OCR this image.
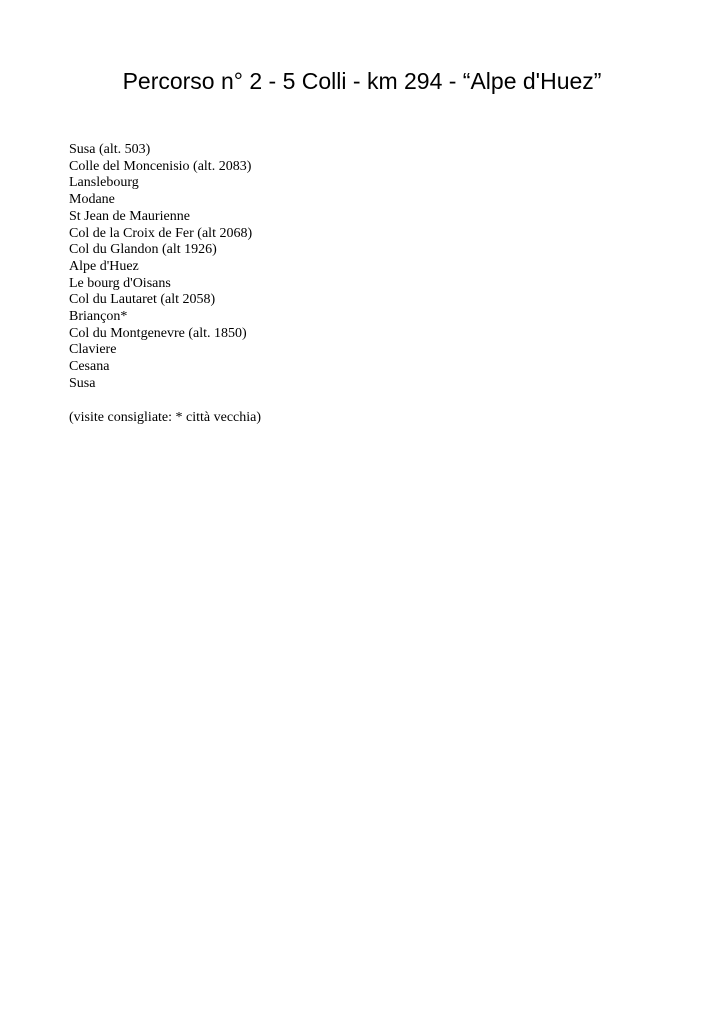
Percorso n° 2 - 5 Colli - km 294 - “Alpe d'Huez”
Susa (alt. 503)
Colle del Moncenisio (alt. 2083)
Lanslebourg
Modane
St Jean de Maurienne
Col de la Croix de Fer (alt 2068)
Col du Glandon (alt 1926)
Alpe d'Huez
Le bourg d'Oisans
Col du Lautaret (alt 2058)
Briançon*
Col du Montgenevre (alt. 1850)
Claviere
Cesana
Susa

(visite consigliate: * città vecchia)
